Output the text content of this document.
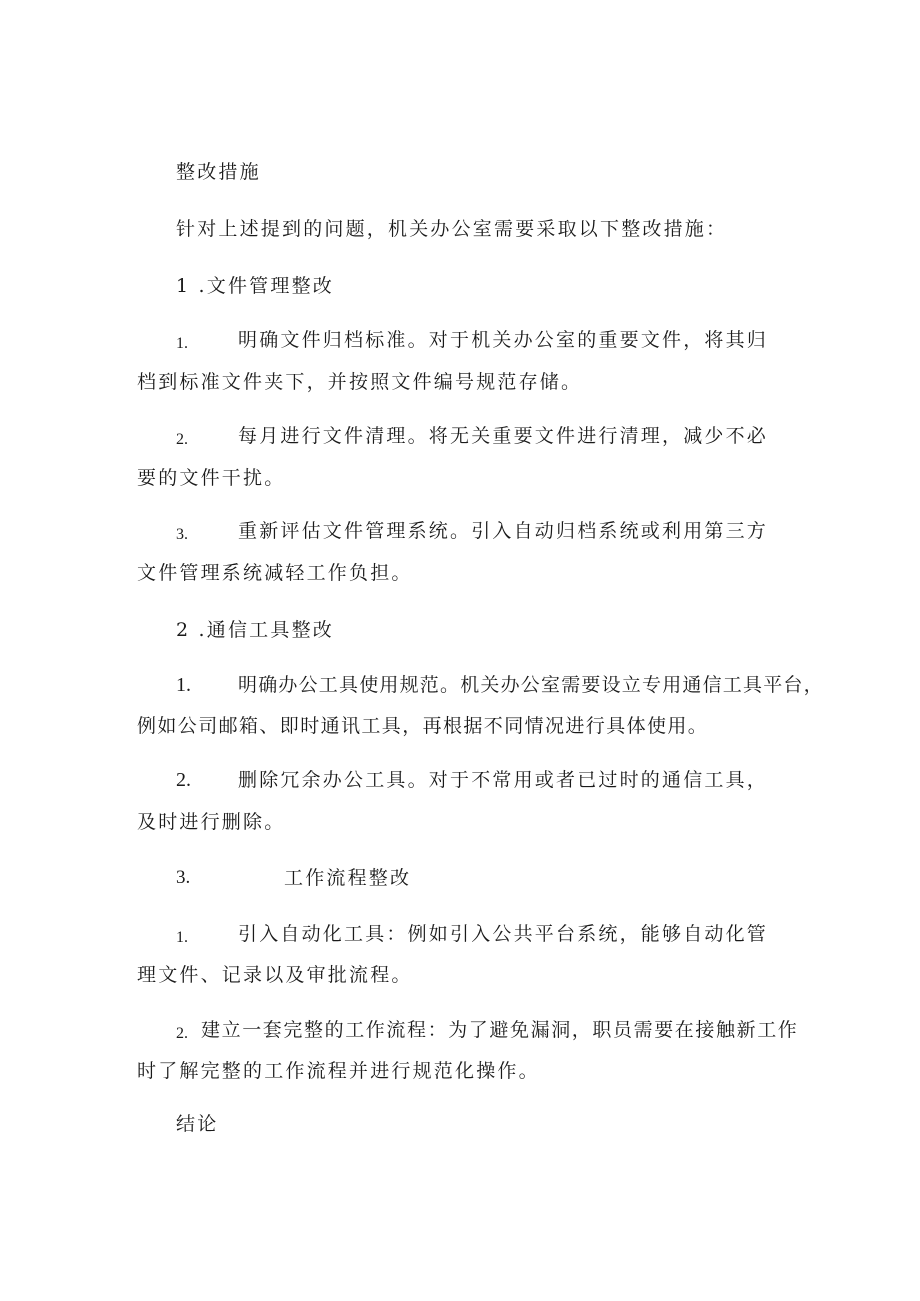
整改措施
针对上述提到的问题，机关办公室需要采取以下整改措施：
1 .文件管理整改
1.	明确文件归档标准。对于机关办公室的重要文件，将其归
档到标准文件夹下，并按照文件编号规范存储。
2.	每月进行文件清理。将无关重要文件进行清理，减少不必
要的文件干扰。
3.	重新评估文件管理系统。引入自动归档系统或利用第三方
文件管理系统减轻工作负担。
2 .通信工具整改
1. 明确办公工具使用规范。机关办公室需要设立专用通信工具平台，
例如公司邮箱、即时通讯工具，再根据不同情况进行具体使用。
2. 删除冗余办公工具。对于不常用或者已过时的通信工具，
及时进行删除。
3.	工作流程整改
1.	引入自动化工具：例如引入公共平台系统，能够自动化管
理文件、记录以及审批流程。
2. 建立一套完整的工作流程：为了避免漏洞，职员需要在接触新工作
时了解完整的工作流程并进行规范化操作。
结论
